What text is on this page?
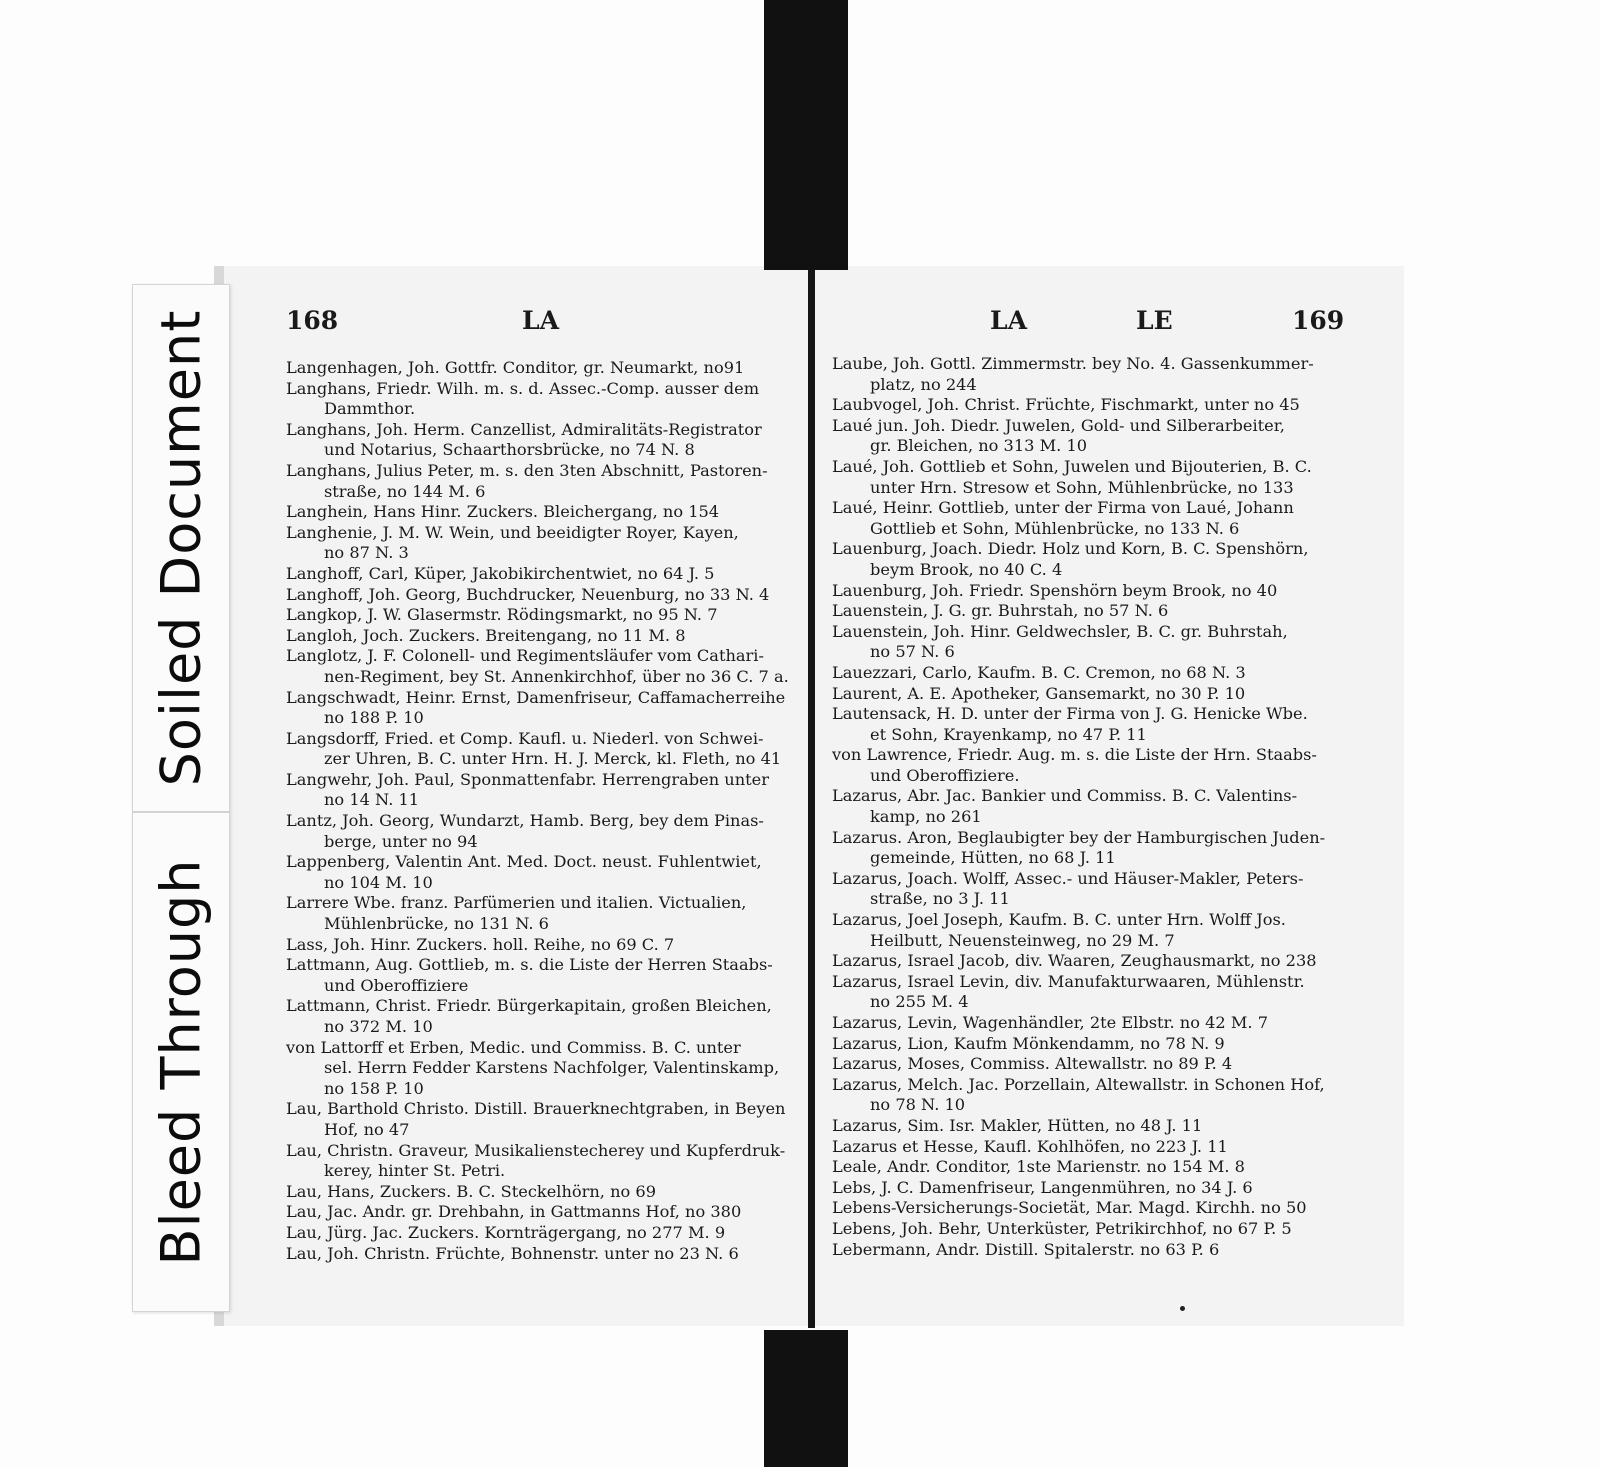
Soiled Document
Bleed Through
168	LA
Langenhagen, Joh. Gottfr. Conditor, gr. Neumarkt, no91
Langhans, Friedr. Wilh. m. s. d. Assec.-Comp. ausser dem
Dammthor.
Langhans, Joh. Herm. Canzellist, Admiralitäts-Registrator
und Notarius, Schaarthorsbrücke, no 74 N. 8
Langhans, Julius Peter, m. s. den 3ten Abschnitt, Pastoren-
straße, no 144 M. 6
Langhein, Hans Hinr. Zuckers. Bleichergang, no 154
Langhenie, J. M. W. Wein, und beeidigter Royer, Kayen,
no 87 N. 3
Langhoff, Carl, Küper, Jakobikirchentwiet, no 64 J. 5
Langhoff, Joh. Georg, Buchdrucker, Neuenburg, no 33 N. 4
Langkop, J. W. Glasermstr. Rödingsmarkt, no 95 N. 7
Langloh, Joch. Zuckers. Breitengang, no 11 M. 8
Langlotz, J. F. Colonell- und Regimentsläufer vom Cathari-
nen-Regiment, bey St. Annenkirchhof, über no 36 C. 7 a.
Langschwadt, Heinr. Ernst, Damenfriseur, Caffamacherreihe
no 188 P. 10
Langsdorff, Fried. et Comp. Kaufl. u. Niederl. von Schwei-
zer Uhren, B. C. unter Hrn. H. J. Merck, kl. Fleth, no 41
Langwehr, Joh. Paul, Sponmattenfabr. Herrengraben unter
no 14 N. 11
Lantz, Joh. Georg, Wundarzt, Hamb. Berg, bey dem Pinas-
berge, unter no 94
Lappenberg, Valentin Ant. Med. Doct. neust. Fuhlentwiet,
no 104 M. 10
Larrere Wbe. franz. Parfümerien und italien. Victualien,
Mühlenbrücke, no 131 N. 6
Lass, Joh. Hinr. Zuckers. holl. Reihe, no 69 C. 7
Lattmann, Aug. Gottlieb, m. s. die Liste der Herren Staabs-
und Oberoffiziere
Lattmann, Christ. Friedr. Bürgerkapitain, großen Bleichen,
no 372 M. 10
von Lattorff et Erben, Medic. und Commiss. B. C. unter
sel. Herrn Fedder Karstens Nachfolger, Valentinskamp,
no 158 P. 10
Lau, Barthold Christo. Distill. Brauerknechtgraben, in Beyen
Hof, no 47
Lau, Christn. Graveur, Musikalienstecherey und Kupferdruk-
kerey, hinter St. Petri.
Lau, Hans, Zuckers. B. C. Steckelhörn, no 69
Lau, Jac. Andr. gr. Drehbahn, in Gattmanns Hof, no 380
Lau, Jürg. Jac. Zuckers. Kornträgergang, no 277 M. 9
Lau, Joh. Christn. Früchte, Bohnenstr. unter no 23 N. 6
LA	LE	169
Laube, Joh. Gottl. Zimmermstr. bey No. 4. Gassenkummer-
platz, no 244
Laubvogel, Joh. Christ. Früchte, Fischmarkt, unter no 45
Laué jun. Joh. Diedr. Juwelen, Gold- und Silberarbeiter,
gr. Bleichen, no 313 M. 10
Laué, Joh. Gottlieb et Sohn, Juwelen und Bijouterien, B. C.
unter Hrn. Stresow et Sohn, Mühlenbrücke, no 133
Laué, Heinr. Gottlieb, unter der Firma von Laué, Johann
Gottlieb et Sohn, Mühlenbrücke, no 133 N. 6
Lauenburg, Joach. Diedr. Holz und Korn, B. C. Spenshörn,
beym Brook, no 40 C. 4
Lauenburg, Joh. Friedr. Spenshörn beym Brook, no 40
Lauenstein, J. G. gr. Buhrstah, no 57 N. 6
Lauenstein, Joh. Hinr. Geldwechsler, B. C. gr. Buhrstah,
no 57 N. 6
Lauezzari, Carlo, Kaufm. B. C. Cremon, no 68 N. 3
Laurent, A. E. Apotheker, Gansemarkt, no 30 P. 10
Lautensack, H. D. unter der Firma von J. G. Henicke Wbe.
et Sohn, Krayenkamp, no 47 P. 11
von Lawrence, Friedr. Aug. m. s. die Liste der Hrn. Staabs-
und Oberoffiziere.
Lazarus, Abr. Jac. Bankier und Commiss. B. C. Valentins-
kamp, no 261
Lazarus. Aron, Beglaubigter bey der Hamburgischen Juden-
gemeinde, Hütten, no 68 J. 11
Lazarus, Joach. Wolff, Assec.- und Häuser-Makler, Peters-
straße, no 3 J. 11
Lazarus, Joel Joseph, Kaufm. B. C. unter Hrn. Wolff Jos.
Heilbutt, Neuensteinweg, no 29 M. 7
Lazarus, Israel Jacob, div. Waaren, Zeughausmarkt, no 238
Lazarus, Israel Levin, div. Manufakturwaaren, Mühlenstr.
no 255 M. 4
Lazarus, Levin, Wagenhändler, 2te Elbstr. no 42 M. 7
Lazarus, Lion, Kaufm Mönkendamm, no 78 N. 9
Lazarus, Moses, Commiss. Altewallstr. no 89 P. 4
Lazarus, Melch. Jac. Porzellain, Altewallstr. in Schonen Hof,
no 78 N. 10
Lazarus, Sim. Isr. Makler, Hütten, no 48 J. 11
Lazarus et Hesse, Kaufl. Kohlhöfen, no 223 J. 11
Leale, Andr. Conditor, 1ste Marienstr. no 154 M. 8
Lebs, J. C. Damenfriseur, Langenmühren, no 34 J. 6
Lebens-Versicherungs-Societät, Mar. Magd. Kirchh. no 50
Lebens, Joh. Behr, Unterküster, Petrikirchhof, no 67 P. 5
Lebermann, Andr. Distill. Spitalerstr. no 63 P. 6
